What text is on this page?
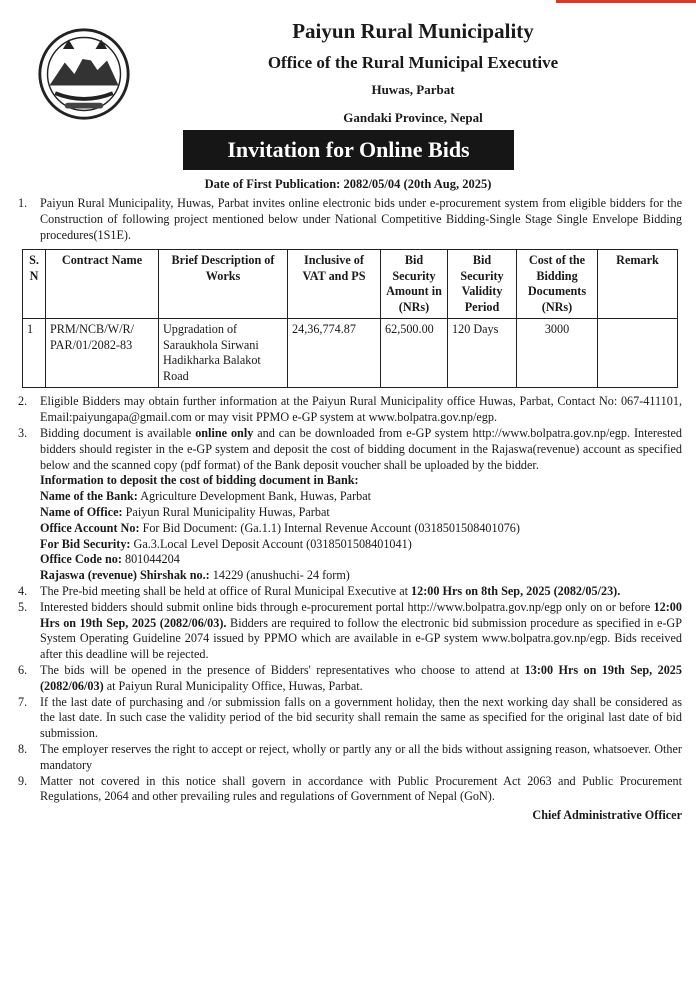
Paiyun Rural Municipality
Office of the Rural Municipal Executive
Huwas, Parbat
Gandaki Province, Nepal
Invitation for Online Bids
Date of First Publication: 2082/05/04 (20th Aug, 2025)
1.	Paiyun Rural Municipality, Huwas, Parbat invites online electronic bids under e-procurement system from eligible bidders for the Construction of following project mentioned below under National Competitive Bidding-Single Stage Single Envelope Bidding procedures(1S1E).
S. N	Contract Name	Brief Description of Works	Inclusive of VAT and PS	Bid Security Amount in (NRs)	Bid Security Validity Period	Cost of the Bidding Documents (NRs)	Remark
1	PRM/NCB/W/R/ PAR/01/2082-83	Upgradation of Saraukhola Sirwani Hadikharka Balakot Road	24,36,774.87	62,500.00	120 Days	3000	
2.	Eligible Bidders may obtain further information at the Paiyun Rural Municipality office Huwas, Parbat, Contact No: 067-411101, Email:paiyungapa@gmail.com or may visit PPMO e-GP system at www.bolpatra.gov.np/egp.
3.	Bidding document is available online only and can be downloaded from e-GP system http://www.bolpatra.gov.np/egp. Interested bidders should register in the e-GP system and deposit the cost of bidding document in the Rajaswa(revenue) account as specified below and the scanned copy (pdf format) of the Bank deposit voucher shall be uploaded by the bidder.
Information to deposit the cost of bidding document in Bank:
Name of the Bank: Agriculture Development Bank, Huwas, Parbat
Name of Office: Paiyun Rural Municipality Huwas, Parbat
Office Account No: For Bid Document: (Ga.1.1) Internal Revenue Account (0318501508401076)
For Bid Security: Ga.3.Local Level Deposit Account (0318501508401041)
Office Code no: 801044204
Rajaswa (revenue) Shirshak no.: 14229 (anushuchi- 24 form)
4.	The Pre-bid meeting shall be held at office of Rural Municipal Executive at 12:00 Hrs on 8th Sep, 2025 (2082/05/23).
5.	Interested bidders should submit online bids through e-procurement portal http://www.bolpatra.gov.np/egp only on or before 12:00 Hrs on 19th Sep, 2025 (2082/06/03). Bidders are required to follow the electronic bid submission procedure as specified in e-GP System Operating Guideline 2074 issued by PPMO which are available in e-GP system www.bolpatra.gov.np/egp. Bids received after this deadline will be rejected.
6.	The bids will be opened in the presence of Bidders' representatives who choose to attend at 13:00 Hrs on 19th Sep, 2025 (2082/06/03) at Paiyun Rural Municipality Office, Huwas, Parbat.
7.	If the last date of purchasing and /or submission falls on a government holiday, then the next working day shall be considered as the last date. In such case the validity period of the bid security shall remain the same as specified for the original last date of bid submission.
8.	The employer reserves the right to accept or reject, wholly or partly any or all the bids without assigning reason, whatsoever. Other mandatory
9.	Matter not covered in this notice shall govern in accordance with Public Procurement Act 2063 and Public Procurement Regulations, 2064 and other prevailing rules and regulations of Government of Nepal (GoN).
Chief Administrative Officer
